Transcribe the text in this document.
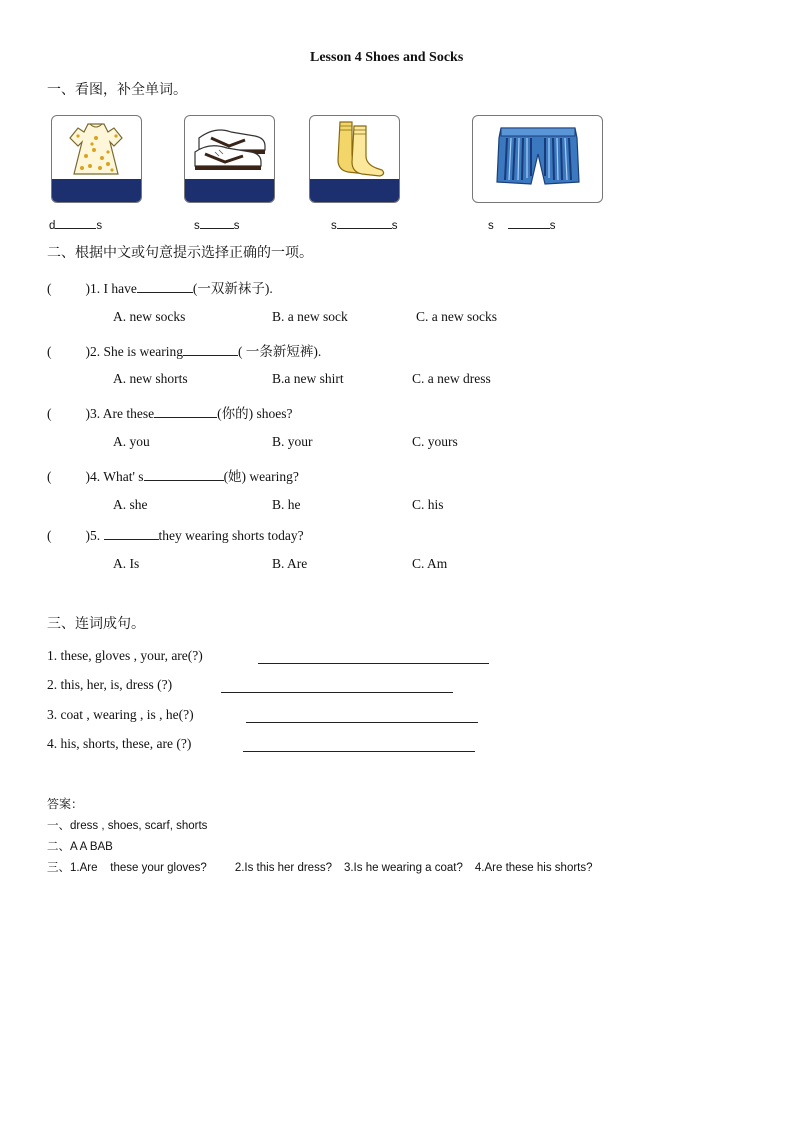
Lesson 4 Shoes and Socks
一、看图，补全单词。
d	s	s	s	s	s	s	s
二、根据中文或句意提示选择正确的一项。
(	)1. I have	(一双新袜子).
A. new socks	B. a new sock	C. a new socks
(	)2. She is wearing	( 一条新短裤).
A. new shorts	B.a new shirt	C. a new dress
(	)3. Are these	(你的) shoes?
A. you	B. your	C. yours
(	)4. What' s	(她) wearing?
A. she	B. he	C. his
(	)5.	they wearing shorts today?
A. Is	B. Are	C. Am
三、连词成句。
1. these, gloves , your, are(?)
2. this, her, is, dress (?)
3. coat , wearing , is , he(?)
4. his, shorts, these, are (?)
答案：
一、dress , shoes, scarf, shorts
二、A A BAB
三、1.Are    these your gloves? 2.Is this her dress? 3.Is he wearing a coat? 4.Are these his shorts?
